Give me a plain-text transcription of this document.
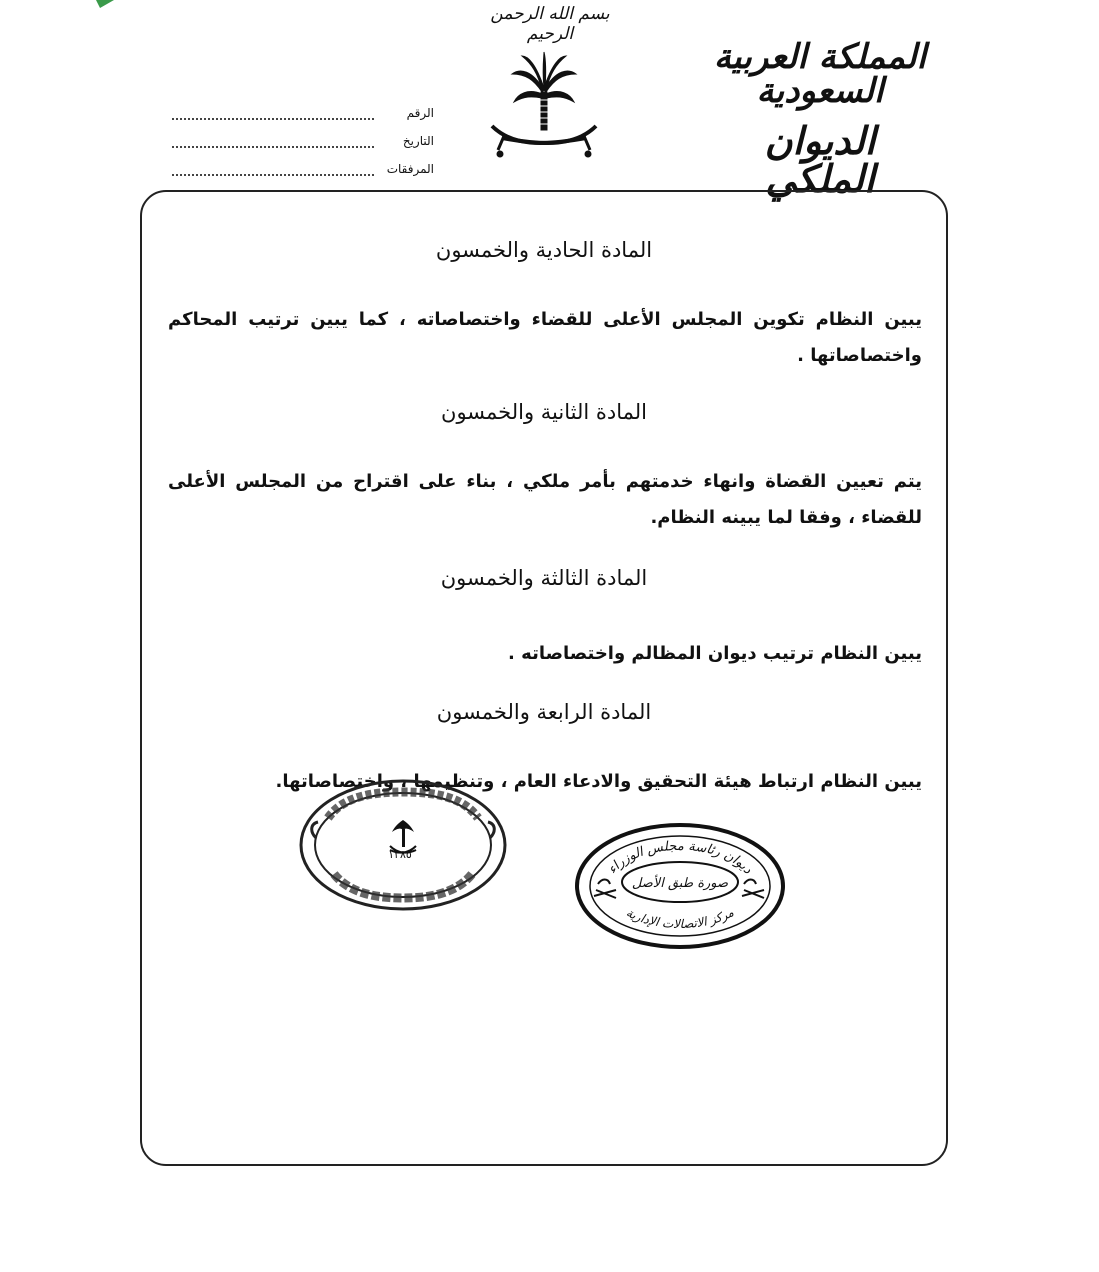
بسم الله الرحمن الرحيم
المملكة العربية السعودية
الديوان الملكي
الرقم
التاريخ
المرفقات
المادة الحادية والخمسون
يبين النظام تكوين المجلس الأعلى للقضاء واختصاصاته ، كما يبين ترتيب المحاكم واختصاصاتها .
المادة الثانية والخمسون
يتم تعيين القضاة وانهاء خدمتهم بأمر ملكي ، بناء على اقتراح من المجلس الأعلى للقضاء ، وفقا لما يبينه النظام.
المادة الثالثة والخمسون
يبين النظام ترتيب ديوان المظالم واختصاصاته .
المادة الرابعة والخمسون
يبين النظام ارتباط هيئة التحقيق والادعاء العام ، وتنظيمها ، واختصاصاتها.
١٣٨٥
ديوان رئاسة مجلس الوزراء
مركز الاتصالات الإدارية
صورة طبق الأصل
